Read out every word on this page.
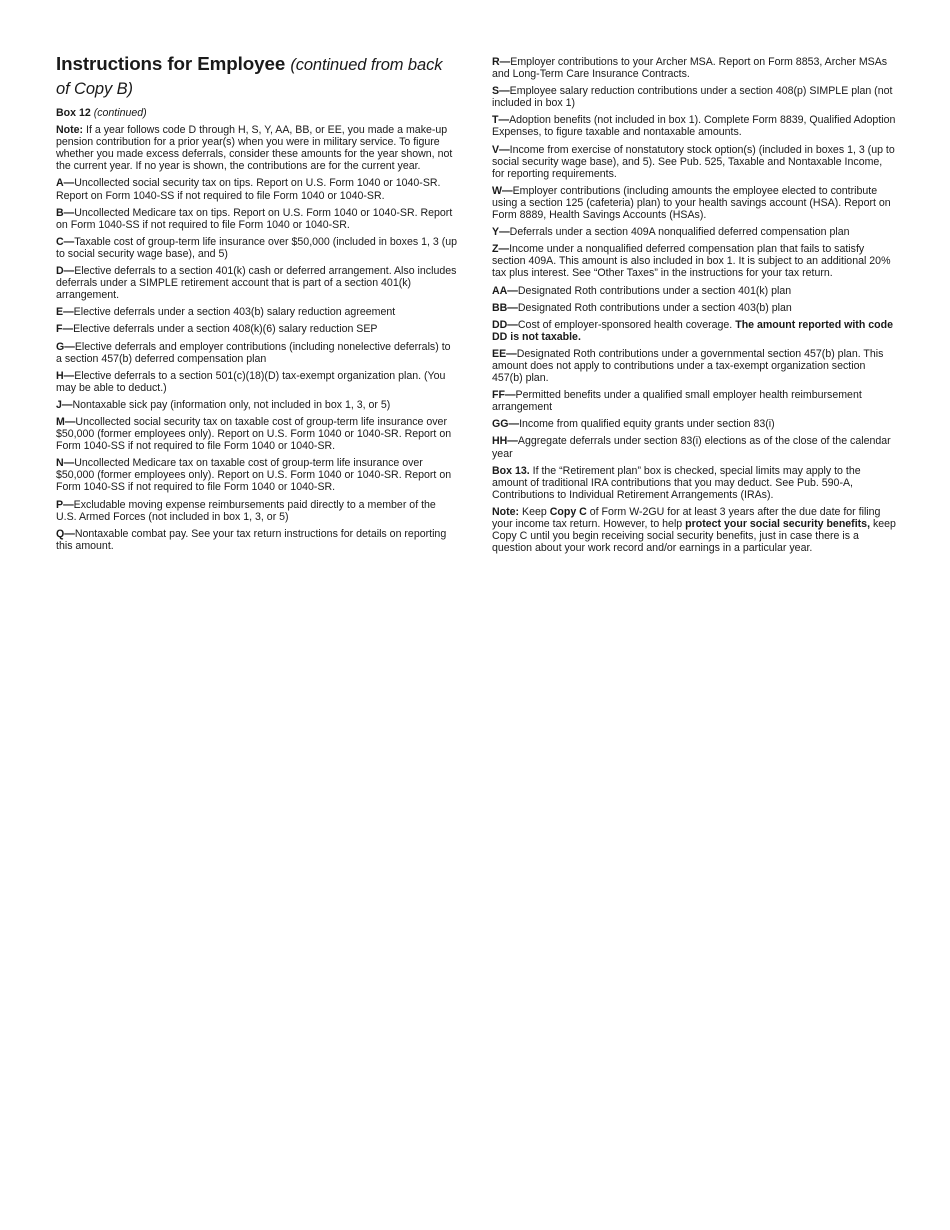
Instructions for Employee (continued from back of Copy B)

Box 12 (continued)

Note: If a year follows code D through H, S, Y, AA, BB, or EE, you made a make-up pension contribution for a prior year(s) when you were in military service. To figure whether you made excess deferrals, consider these amounts for the year shown, not the current year. If no year is shown, the contributions are for the current year.

A—Uncollected social security tax on tips. Report on U.S. Form 1040 or 1040-SR. Report on Form 1040-SS if not required to file Form 1040 or 1040-SR.

B—Uncollected Medicare tax on tips. Report on U.S. Form 1040 or 1040-SR. Report on Form 1040-SS if not required to file Form 1040 or 1040-SR.

C—Taxable cost of group-term life insurance over $50,000 (included in boxes 1, 3 (up to social security wage base), and 5)

D—Elective deferrals to a section 401(k) cash or deferred arrangement. Also includes deferrals under a SIMPLE retirement account that is part of a section 401(k) arrangement.

E—Elective deferrals under a section 403(b) salary reduction agreement

F—Elective deferrals under a section 408(k)(6) salary reduction SEP

G—Elective deferrals and employer contributions (including nonelective deferrals) to a section 457(b) deferred compensation plan

H—Elective deferrals to a section 501(c)(18)(D) tax-exempt organization plan. (You may be able to deduct.)

J—Nontaxable sick pay (information only, not included in box 1, 3, or 5)

M—Uncollected social security tax on taxable cost of group-term life insurance over $50,000 (former employees only). Report on U.S. Form 1040 or 1040-SR. Report on Form 1040-SS if not required to file Form 1040 or 1040-SR.

N—Uncollected Medicare tax on taxable cost of group-term life insurance over $50,000 (former employees only). Report on U.S. Form 1040 or 1040-SR. Report on Form 1040-SS if not required to file Form 1040 or 1040-SR.

P—Excludable moving expense reimbursements paid directly to a member of the U.S. Armed Forces (not included in box 1, 3, or 5)

Q—Nontaxable combat pay. See your tax return instructions for details on reporting this amount.

R—Employer contributions to your Archer MSA. Report on Form 8853, Archer MSAs and Long-Term Care Insurance Contracts.

S—Employee salary reduction contributions under a section 408(p) SIMPLE plan (not included in box 1)

T—Adoption benefits (not included in box 1). Complete Form 8839, Qualified Adoption Expenses, to figure taxable and nontaxable amounts.

V—Income from exercise of nonstatutory stock option(s) (included in boxes 1, 3 (up to social security wage base), and 5). See Pub. 525, Taxable and Nontaxable Income, for reporting requirements.

W—Employer contributions (including amounts the employee elected to contribute using a section 125 (cafeteria) plan) to your health savings account (HSA). Report on Form 8889, Health Savings Accounts (HSAs).

Y—Deferrals under a section 409A nonqualified deferred compensation plan

Z—Income under a nonqualified deferred compensation plan that fails to satisfy section 409A. This amount is also included in box 1. It is subject to an additional 20% tax plus interest. See “Other Taxes” in the instructions for your tax return.

AA—Designated Roth contributions under a section 401(k) plan

BB—Designated Roth contributions under a section 403(b) plan

DD—Cost of employer-sponsored health coverage. The amount reported with code DD is not taxable.

EE—Designated Roth contributions under a governmental section 457(b) plan. This amount does not apply to contributions under a tax-exempt organization section 457(b) plan.

FF—Permitted benefits under a qualified small employer health reimbursement arrangement

GG—Income from qualified equity grants under section 83(i)

HH—Aggregate deferrals under section 83(i) elections as of the close of the calendar year

Box 13. If the “Retirement plan” box is checked, special limits may apply to the amount of traditional IRA contributions that you may deduct. See Pub. 590-A, Contributions to Individual Retirement Arrangements (IRAs).

Note: Keep Copy C of Form W-2GU for at least 3 years after the due date for filing your income tax return. However, to help protect your social security benefits, keep Copy C until you begin receiving social security benefits, just in case there is a question about your work record and/or earnings in a particular year.
